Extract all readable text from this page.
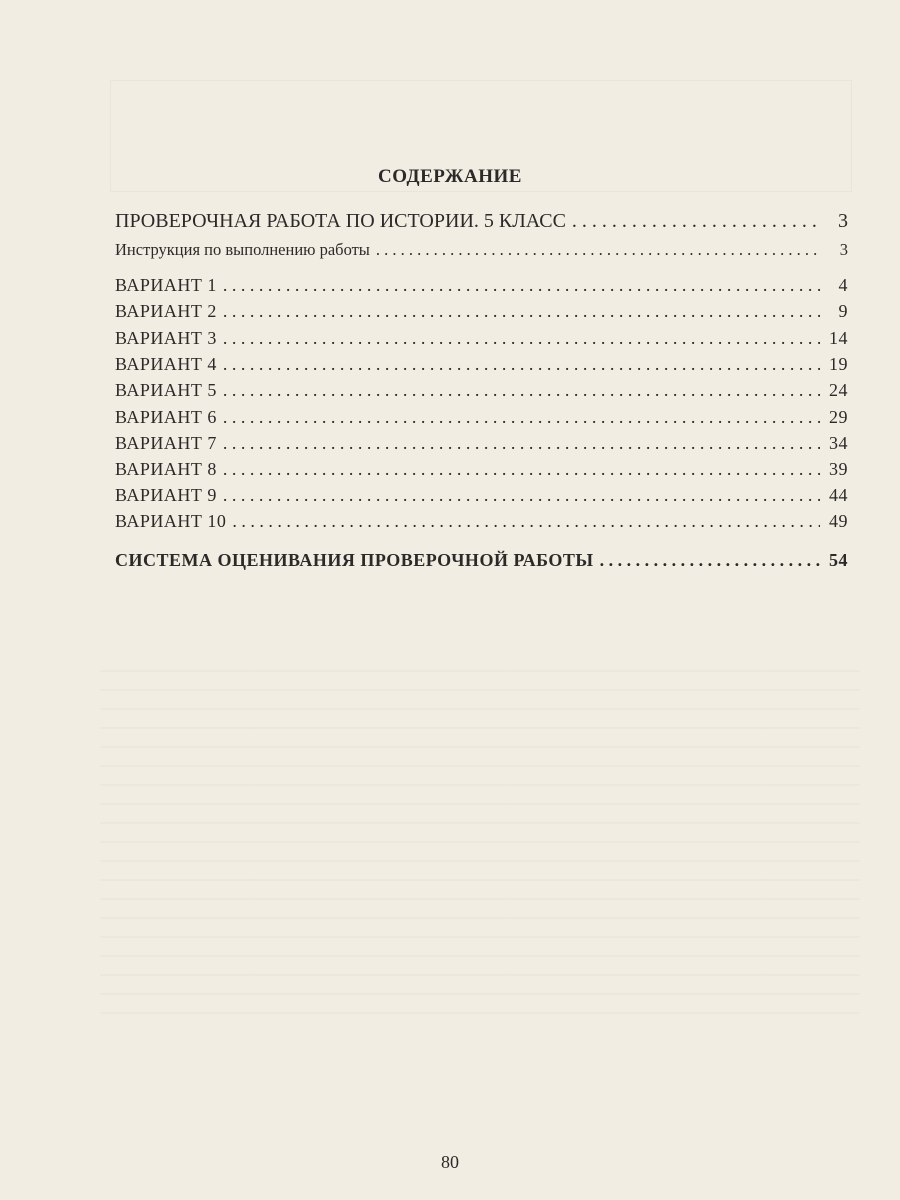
СОДЕРЖАНИЕ
ПРОВЕРОЧНАЯ РАБОТА ПО ИСТОРИИ. 5 КЛАСС . . .	3
Инструкция по выполнению работы . . .	3
ВАРИАНТ 1 . . .	4
ВАРИАНТ 2 . . .	9
ВАРИАНТ 3 . . .	14
ВАРИАНТ 4 . . .	19
ВАРИАНТ 5 . . .	24
ВАРИАНТ 6 . . .	29
ВАРИАНТ 7 . . .	34
ВАРИАНТ 8 . . .	39
ВАРИАНТ 9 . . .	44
ВАРИАНТ 10 . . .	49
СИСТЕМА ОЦЕНИВАНИЯ ПРОВЕРОЧНОЙ РАБОТЫ . . .	54
80
